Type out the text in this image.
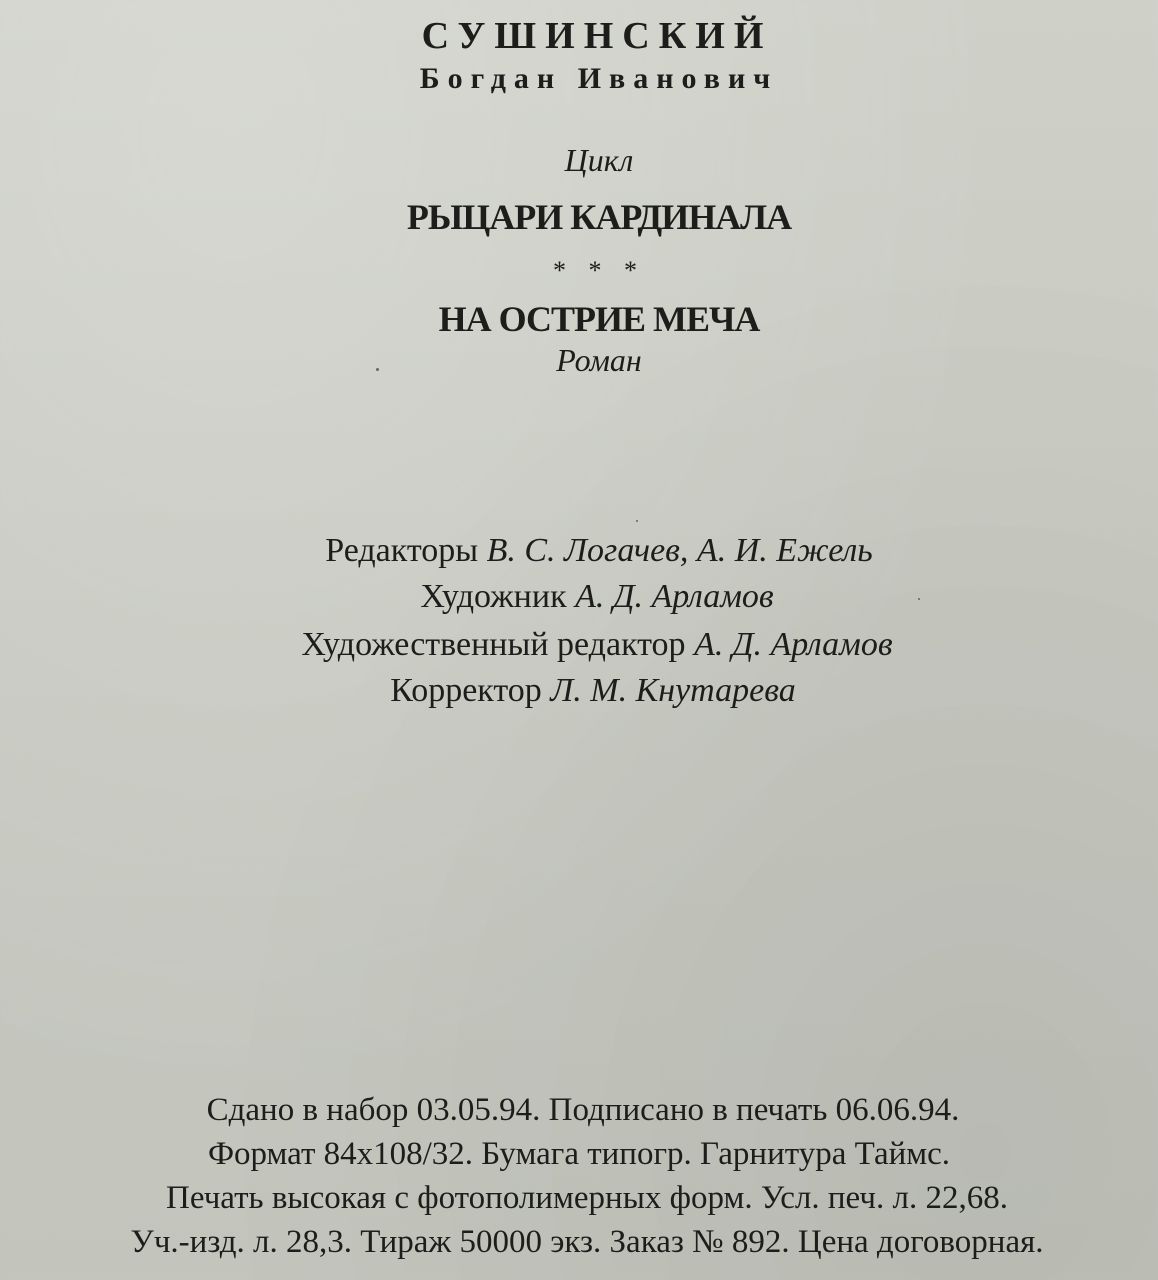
СУШИНСКИЙ
Богдан Иванович
Цикл
РЫЦАРИ КАРДИНАЛА
* * *
НА ОСТРИЕ МЕЧА
Роман
Редакторы В. С. Логачев, А. И. Ежель
Художник А. Д. Арламов
Художественный редактор А. Д. Арламов
Корректор Л. М. Кнутарева
Сдано в набор 03.05.94. Подписано в печать 06.06.94.
Формат 84х108/32. Бумага типогр. Гарнитура Таймс.
Печать высокая с фотополимерных форм. Усл. печ. л. 22,68.
Уч.-изд. л. 28,3. Тираж 50000 экз. Заказ № 892. Цена договорная.
